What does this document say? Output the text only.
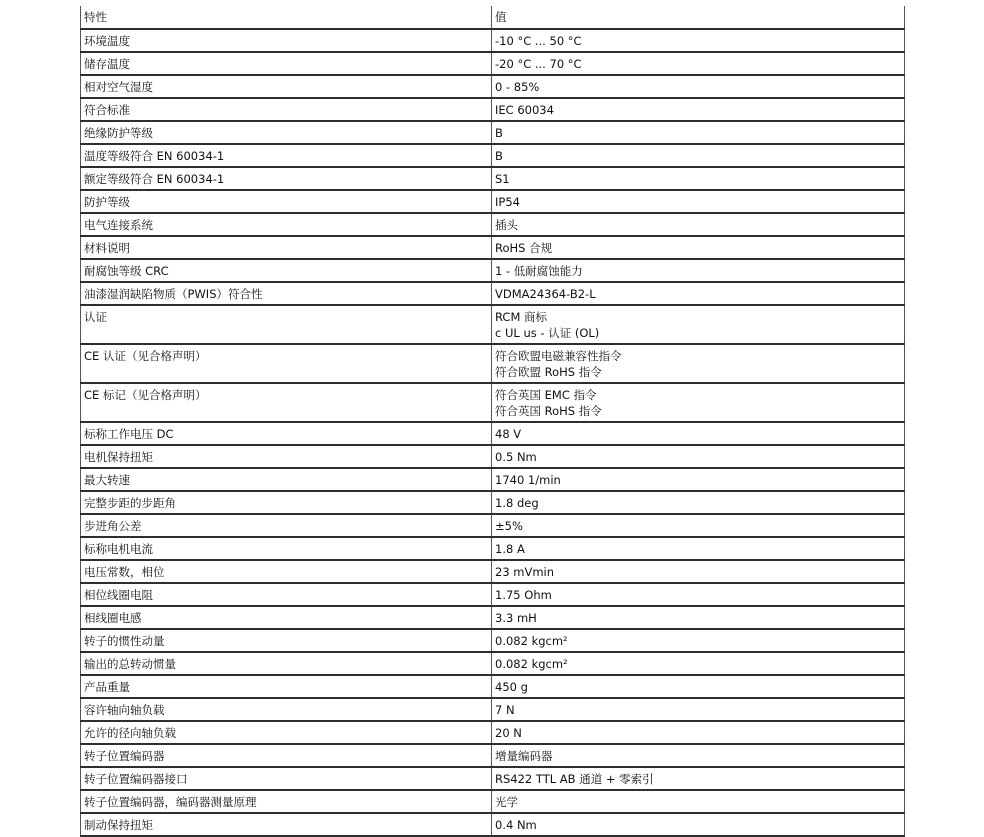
特性	值
环境温度	-10 °C ... 50 °C
储存温度	-20 °C ... 70 °C
相对空气湿度	0 - 85%
符合标准	IEC 60034
绝缘防护等级	B
温度等级符合 EN 60034-1	B
额定等级符合 EN 60034-1	S1
防护等级	IP54
电气连接系统	插头
材料说明	RoHS 合规
耐腐蚀等级 CRC	1 - 低耐腐蚀能力
油漆湿润缺陷物质（PWIS）符合性	VDMA24364-B2-L
认证	RCM 商标
c UL us - 认证 (OL)
CE 认证（见合格声明）	符合欧盟电磁兼容性指令
符合欧盟 RoHS 指令
CE 标记（见合格声明）	符合英国 EMC 指令
符合英国 RoHS 指令
标称工作电压 DC	48 V
电机保持扭矩	0.5 Nm
最大转速	1740 1/min
完整步距的步距角	1.8 deg
步进角公差	±5%
标称电机电流	1.8 A
电压常数，相位	23 mVmin
相位线圈电阻	1.75 Ohm
相线圈电感	3.3 mH
转子的惯性动量	0.082 kgcm²
输出的总转动惯量	0.082 kgcm²
产品重量	450 g
容许轴向轴负载	7 N
允许的径向轴负载	20 N
转子位置编码器	增量编码器
转子位置编码器接口	RS422 TTL AB 通道 + 零索引
转子位置编码器，编码器测量原理	光学
制动保持扭矩	0.4 Nm
